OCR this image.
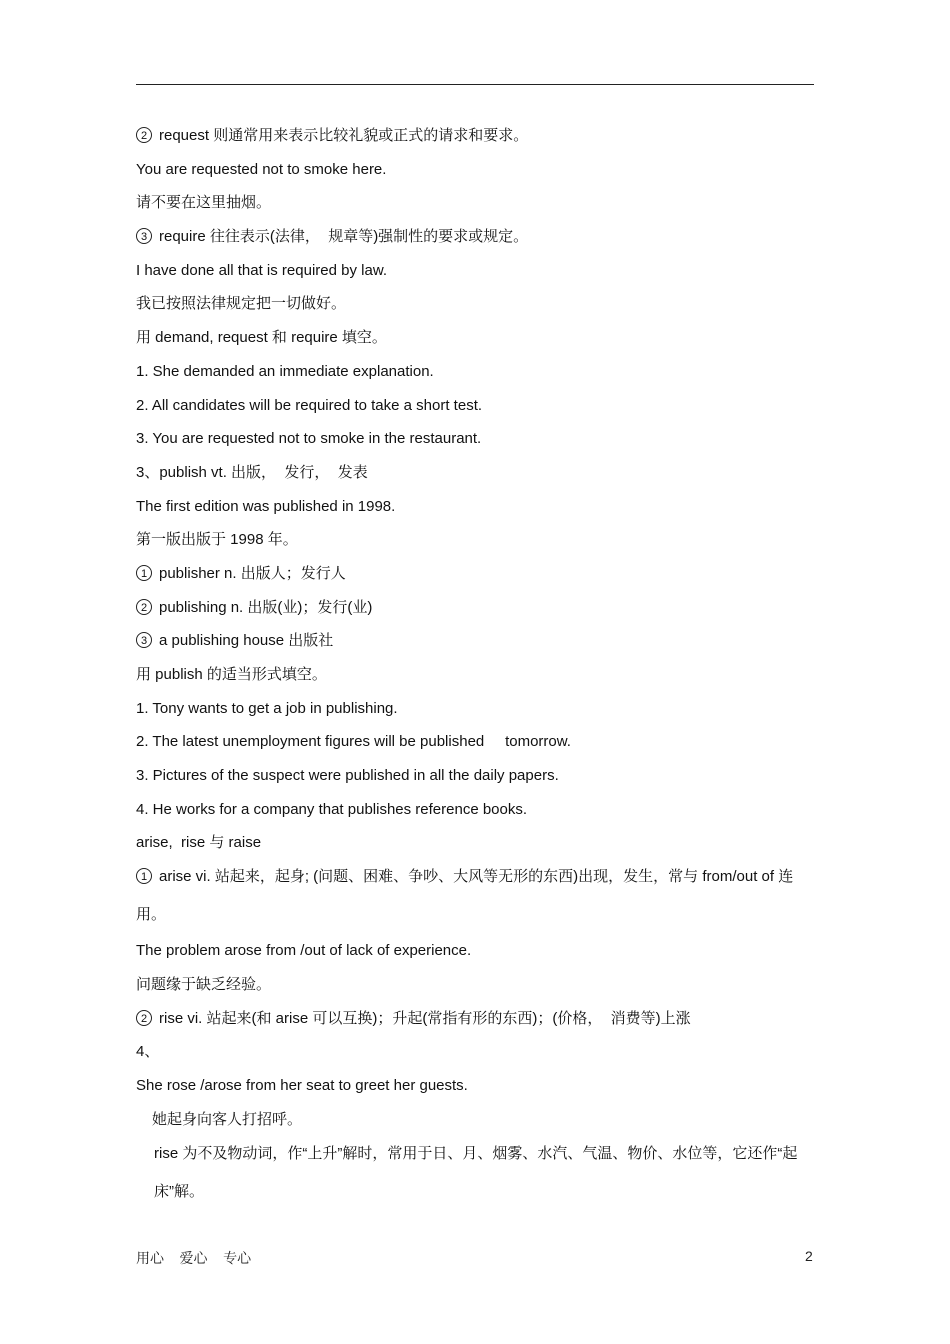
2 request 则通常用来表示比较礼貌或正式的请求和要求。
You are requested not to smoke here.
请不要在这里抽烟。
3 require 往往表示(法律，  规章等)强制性的要求或规定。
I have done all that is required by law.
我已按照法律规定把一切做好。
用 demand, request 和 require 填空。
1. She demanded an immediate explanation.
2. All candidates will be required to take a short test.
3. You are requested not to smoke in the restaurant.
3、publish vt. 出版，  发行，  发表
The first edition was published in 1998.
第一版出版于 1998 年。
1 publisher n. 出版人；发行人
2 publishing n. 出版(业)；发行(业)
3 a publishing house 出版社
用 publish 的适当形式填空。
1. Tony wants to get a job in publishing.
2. The latest unemployment figures will be published     tomorrow.
3. Pictures of the suspect were published in all the daily papers.
4. He works for a company that publishes reference books.
arise,  rise 与 raise
1 arise vi. 站起来，起身; (问题、困难、争吵、大风等无形的东西)出现，发生，常与 from/out of 连用。
The problem arose from /out of lack of experience.
问题缘于缺乏经验。
2 rise vi. 站起来(和 arise 可以互换)；升起(常指有形的东西)；(价格，  消费等)上涨
4、
She rose /arose from her seat to greet her guests.
她起身向客人打招呼。
rise 为不及物动词，作“上升”解时，常用于日、月、烟雾、水汽、气温、物价、水位等，它还作“起床”解。
用心    爱心    专心	2
